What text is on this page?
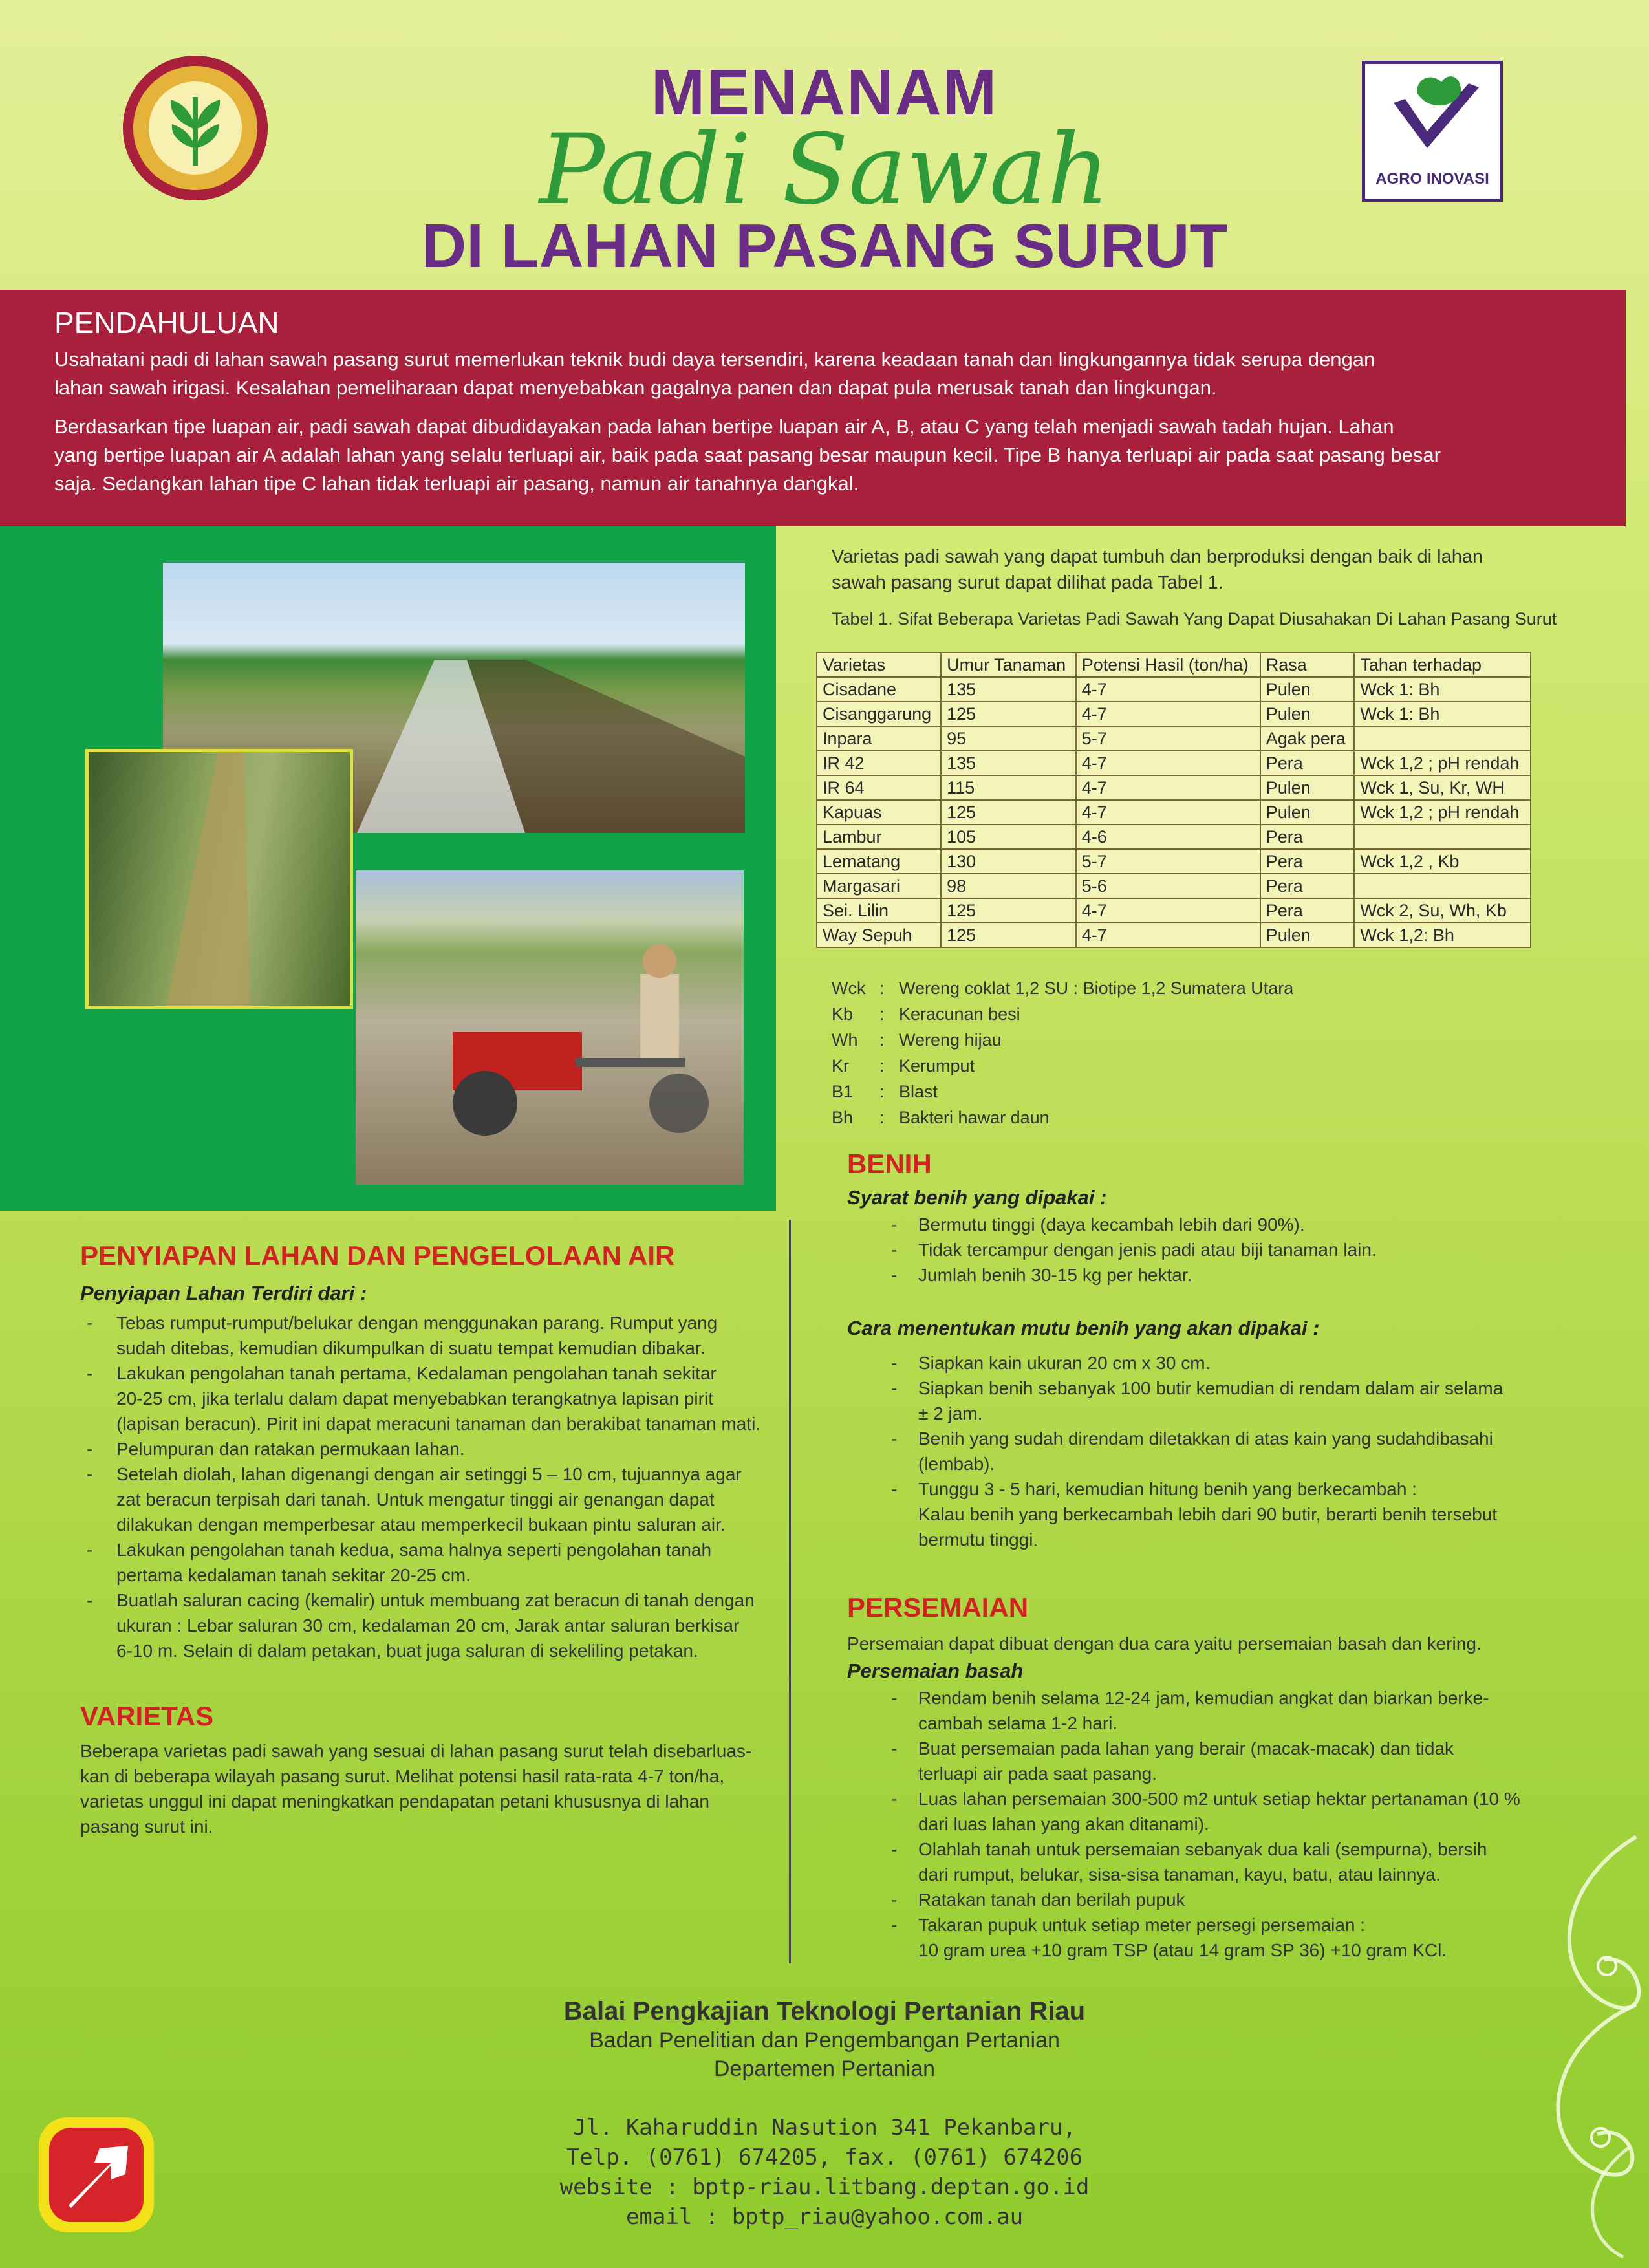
AGRO INOVASI
MENANAM
Padi Sawah
DI LAHAN PASANG SURUT
PENDAHULUAN
Usahatani padi di lahan sawah pasang surut memerlukan teknik budi daya tersendiri, karena keadaan tanah dan lingkungannya tidak serupa dengan
lahan sawah irigasi. Kesalahan pemeliharaan dapat menyebabkan gagalnya panen dan dapat pula merusak tanah dan lingkungan.
Berdasarkan tipe luapan air, padi sawah dapat dibudidayakan pada lahan bertipe luapan air A, B, atau C yang telah menjadi sawah tadah hujan. Lahan
yang bertipe luapan air A adalah lahan yang selalu terluapi air, baik pada saat pasang besar maupun kecil. Tipe B hanya terluapi air pada saat pasang besar
saja. Sedangkan lahan tipe C lahan tidak terluapi air pasang, namun air tanahnya dangkal.
Varietas padi sawah yang dapat tumbuh dan berproduksi dengan baik di lahan
sawah pasang surut dapat dilihat pada Tabel 1.
Tabel 1. Sifat Beberapa Varietas Padi Sawah Yang Dapat Diusahakan Di Lahan Pasang Surut
Varietas	Umur Tanaman	Potensi Hasil (ton/ha)	Rasa	Tahan terhadap
Cisadane	135	4-7	Pulen	Wck 1: Bh
Cisanggarung	125	4-7	Pulen	Wck 1: Bh
Inpara	95	5-7	Agak pera	
IR 42	135	4-7	Pera	Wck 1,2 ; pH rendah
IR 64	115	4-7	Pulen	Wck 1, Su, Kr, WH
Kapuas	125	4-7	Pulen	Wck 1,2 ; pH rendah
Lambur	105	4-6	Pera	
Lematang	130	5-7	Pera	Wck 1,2 , Kb
Margasari	98	5-6	Pera	
Sei. Lilin	125	4-7	Pera	Wck 2, Su, Wh, Kb
Way Sepuh	125	4-7	Pulen	Wck 1,2: Bh
Wck : Wereng coklat 1,2 SU : Biotipe 1,2 Sumatera Utara
Kb : Keracunan besi
Wh : Wereng hijau
Kr : Kerumput
B1 : Blast
Bh : Bakteri hawar daun
BENIH
Syarat benih yang dipakai :
- Bermutu tinggi (daya kecambah lebih dari 90%).
- Tidak tercampur dengan jenis padi atau biji tanaman lain.
- Jumlah benih 30-15 kg per hektar.
Cara menentukan mutu benih yang akan dipakai :
- Siapkan kain ukuran 20 cm x 30 cm.
- Siapkan benih sebanyak 100 butir kemudian di rendam dalam air selama
± 2 jam.
- Benih yang sudah direndam diletakkan di atas kain yang sudahdibasahi
(lembab).
- Tunggu 3 - 5 hari, kemudian hitung benih yang berkecambah :
Kalau benih yang berkecambah lebih dari 90 butir, berarti benih tersebut
bermutu tinggi.
PERSEMAIAN
Persemaian dapat dibuat dengan dua cara yaitu persemaian basah dan kering.
Persemaian basah
- Rendam benih selama 12-24 jam, kemudian angkat dan biarkan berke-
cambah selama 1-2 hari.
- Buat persemaian pada lahan yang berair (macak-macak) dan tidak
terluapi air pada saat pasang.
- Luas lahan persemaian 300-500 m2 untuk setiap hektar pertanaman (10 %
dari luas lahan yang akan ditanami).
- Olahlah tanah untuk persemaian sebanyak dua kali (sempurna), bersih
dari rumput, belukar, sisa-sisa tanaman, kayu, batu, atau lainnya.
- Ratakan tanah dan berilah pupuk
- Takaran pupuk untuk setiap meter persegi persemaian :
10 gram urea +10 gram TSP (atau 14 gram SP 36) +10 gram KCl.
PENYIAPAN LAHAN DAN PENGELOLAAN AIR
Penyiapan Lahan Terdiri dari :
- Tebas rumput-rumput/belukar dengan menggunakan parang. Rumput yang
sudah ditebas, kemudian dikumpulkan di suatu tempat kemudian dibakar.
- Lakukan pengolahan tanah pertama, Kedalaman pengolahan tanah sekitar
20-25 cm, jika terlalu dalam dapat menyebabkan terangkatnya lapisan pirit
(lapisan beracun). Pirit ini dapat meracuni tanaman dan berakibat tanaman mati.
- Pelumpuran dan ratakan permukaan lahan.
- Setelah diolah, lahan digenangi dengan air setinggi 5 – 10 cm, tujuannya agar
zat beracun terpisah dari tanah. Untuk mengatur tinggi air genangan dapat
dilakukan dengan memperbesar atau memperkecil bukaan pintu saluran air.
- Lakukan pengolahan tanah kedua, sama halnya seperti pengolahan tanah
pertama kedalaman tanah sekitar 20-25 cm.
- Buatlah saluran cacing (kemalir) untuk membuang zat beracun di tanah dengan
ukuran : Lebar saluran 30 cm, kedalaman 20 cm, Jarak antar saluran berkisar
6-10 m. Selain di dalam petakan, buat juga saluran di sekeliling petakan.
VARIETAS
Beberapa varietas padi sawah yang sesuai di lahan pasang surut telah disebarluas-
kan di beberapa wilayah pasang surut. Melihat potensi hasil rata-rata 4-7 ton/ha,
varietas unggul ini dapat meningkatkan pendapatan petani khususnya di lahan
pasang surut ini.
Balai Pengkajian Teknologi Pertanian Riau
Badan Penelitian dan Pengembangan Pertanian
Departemen Pertanian
Jl. Kaharuddin Nasution 341 Pekanbaru,
Telp. (0761) 674205, fax. (0761) 674206
website : bptp-riau.litbang.deptan.go.id
email : bptp_riau@yahoo.com.au
